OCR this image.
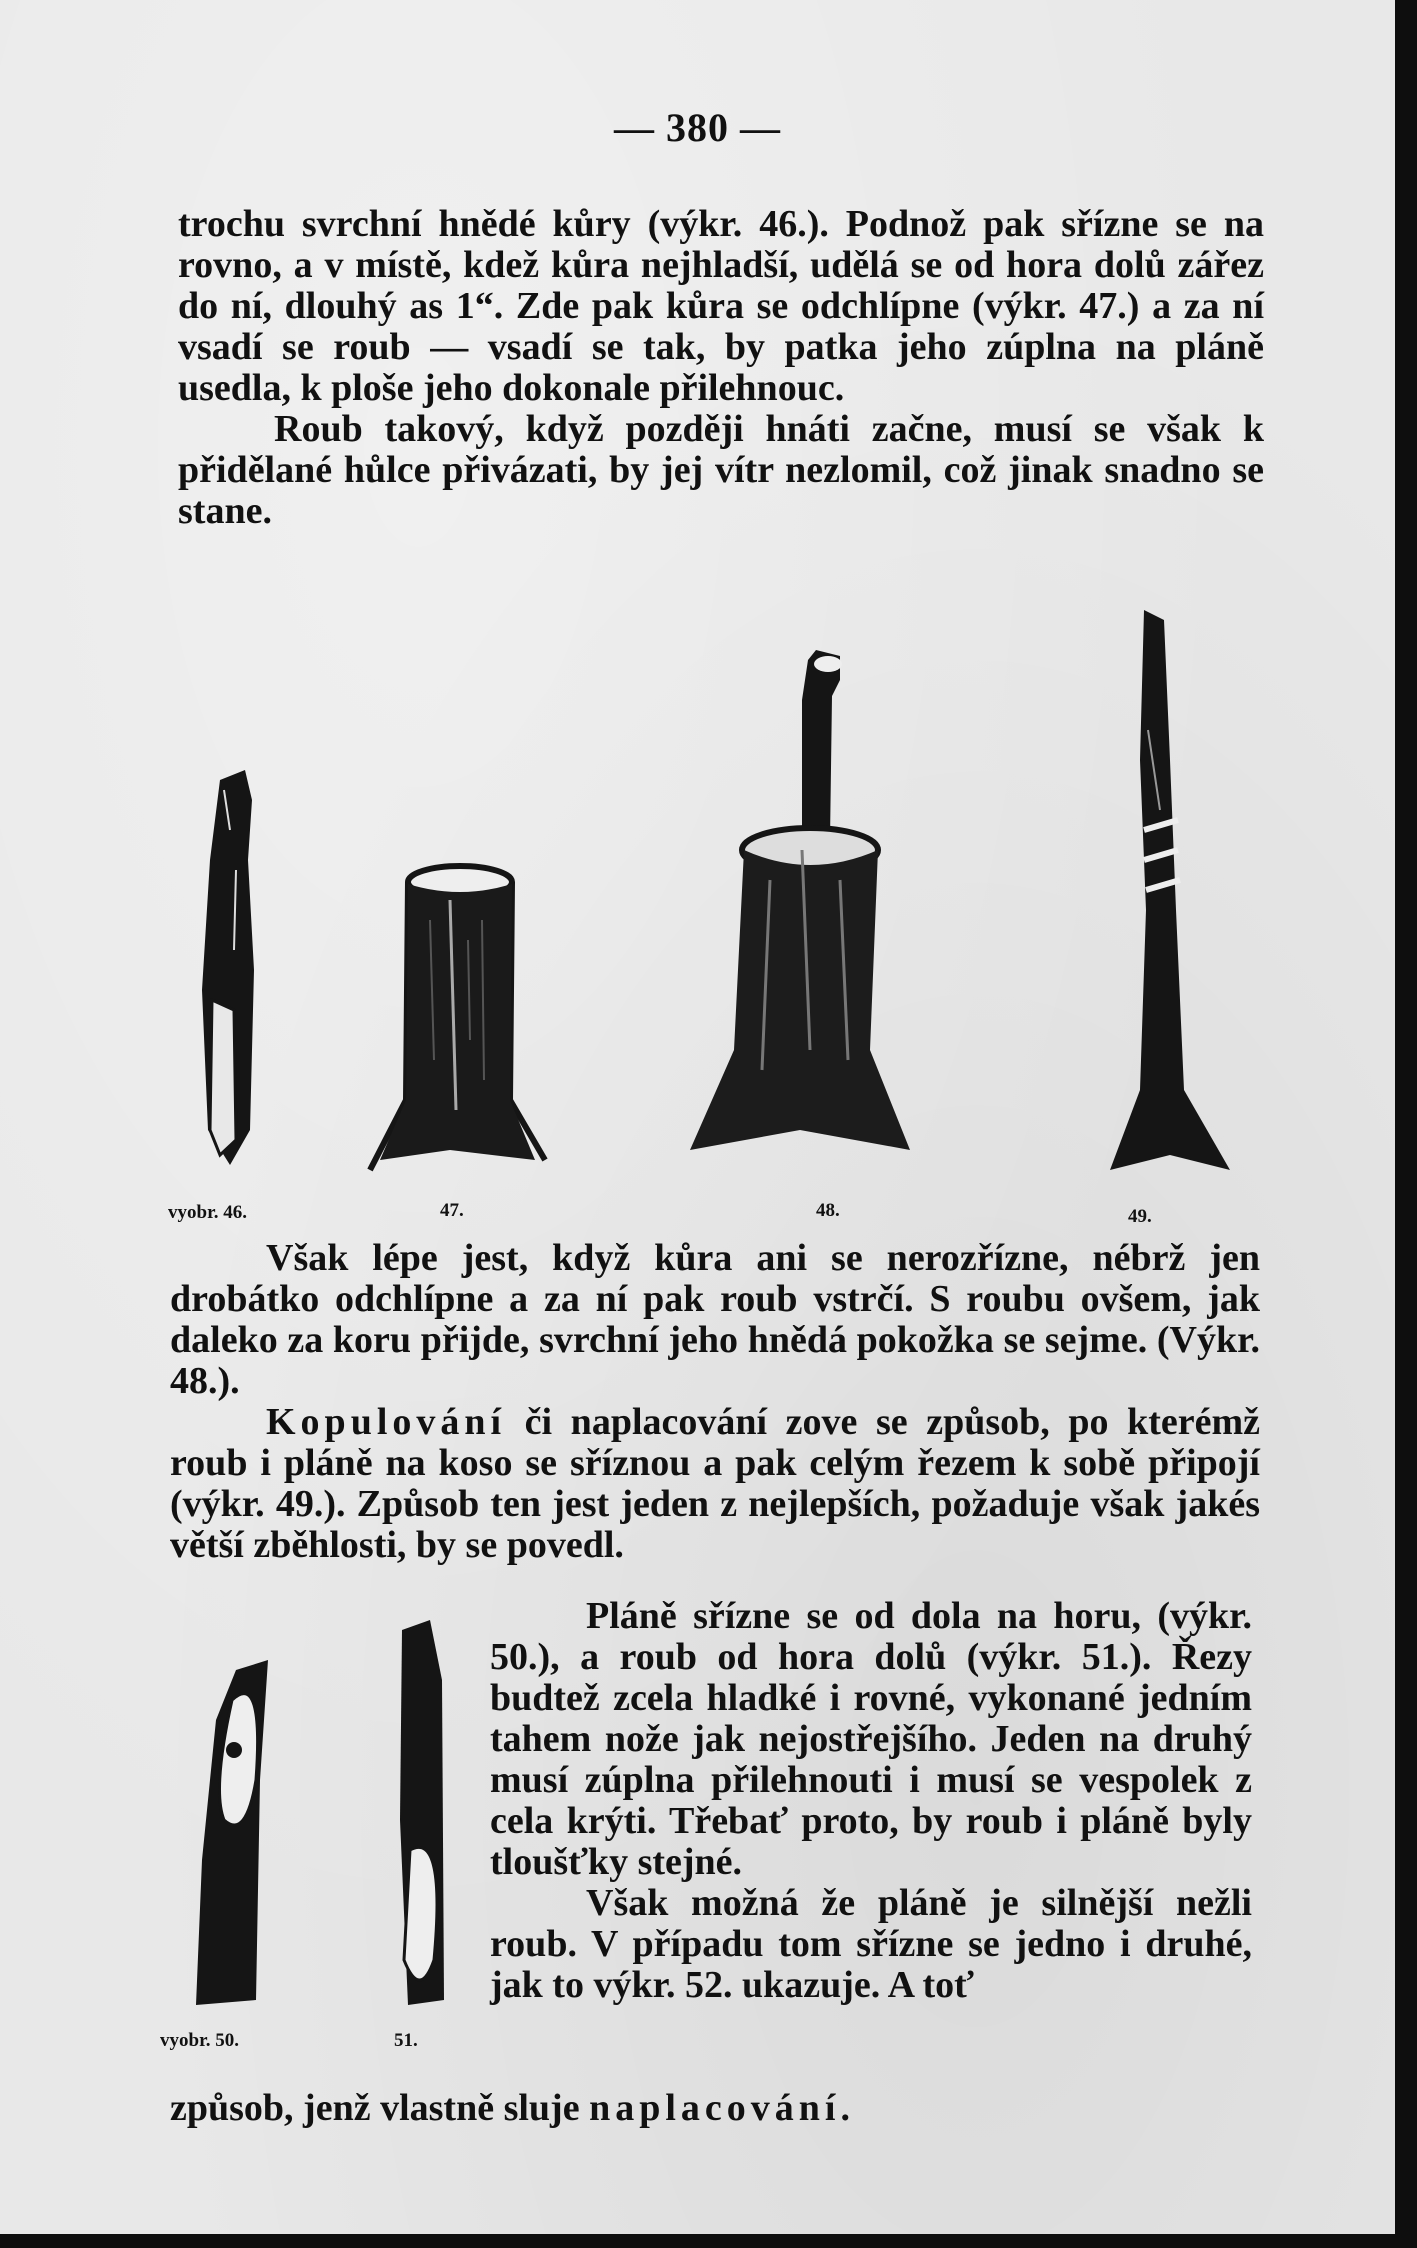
— 380 —

trochu svrchní hnědé kůry (výkr. 46.). Podnož pak sřízne se na rovno, a v místě, kdež kůra nejhladší, udělá se od hora dolů zářez do ní, dlouhý as 1“. Zde pak kůra se odchlípne (výkr. 47.) a za ní vsadí se roub — vsadí se tak, by patka jeho zúplna na pláně usedla, k ploše jeho dokonale přilehnouc.

Roub takový, když později hnáti začne, musí se však k přidělané hůlce přivázati, by jej vítr nezlomil, což jinak snadno se stane.

vyobr. 46.	47.	48.	49.

Však lépe jest, když kůra ani se nerozřízne, nébrž jen drobátko odchlípne a za ní pak roub vstrčí. S roubu ovšem, jak daleko za koru přijde, svrchní jeho hnědá pokožka se sejme. (Výkr. 48.).

Kopulování či naplacování zove se způsob, po kterémž roub i pláně na koso se sříznou a pak celým řezem k sobě připojí (výkr. 49.). Způsob ten jest jeden z nejlepších, požaduje však jakés větší zběhlosti, by se povedl.

vyobr. 50.	51.

Pláně sřízne se od dola na horu, (výkr. 50.), a roub od hora dolů (výkr. 51.). Řezy budtež zcela hladké i rovné, vykonané jedním tahem nože jak nejostřejšího. Jeden na druhý musí zúplna přilehnouti i musí se vespolek z cela krýti. Třebať proto, by roub i pláně byly tloušťky stejné.

Však možná že pláně je silnější nežli roub. V případu tom sřízne se jedno i druhé, jak to výkr. 52. ukazuje. A toť

způsob, jenž vlastně sluje naplacování.
